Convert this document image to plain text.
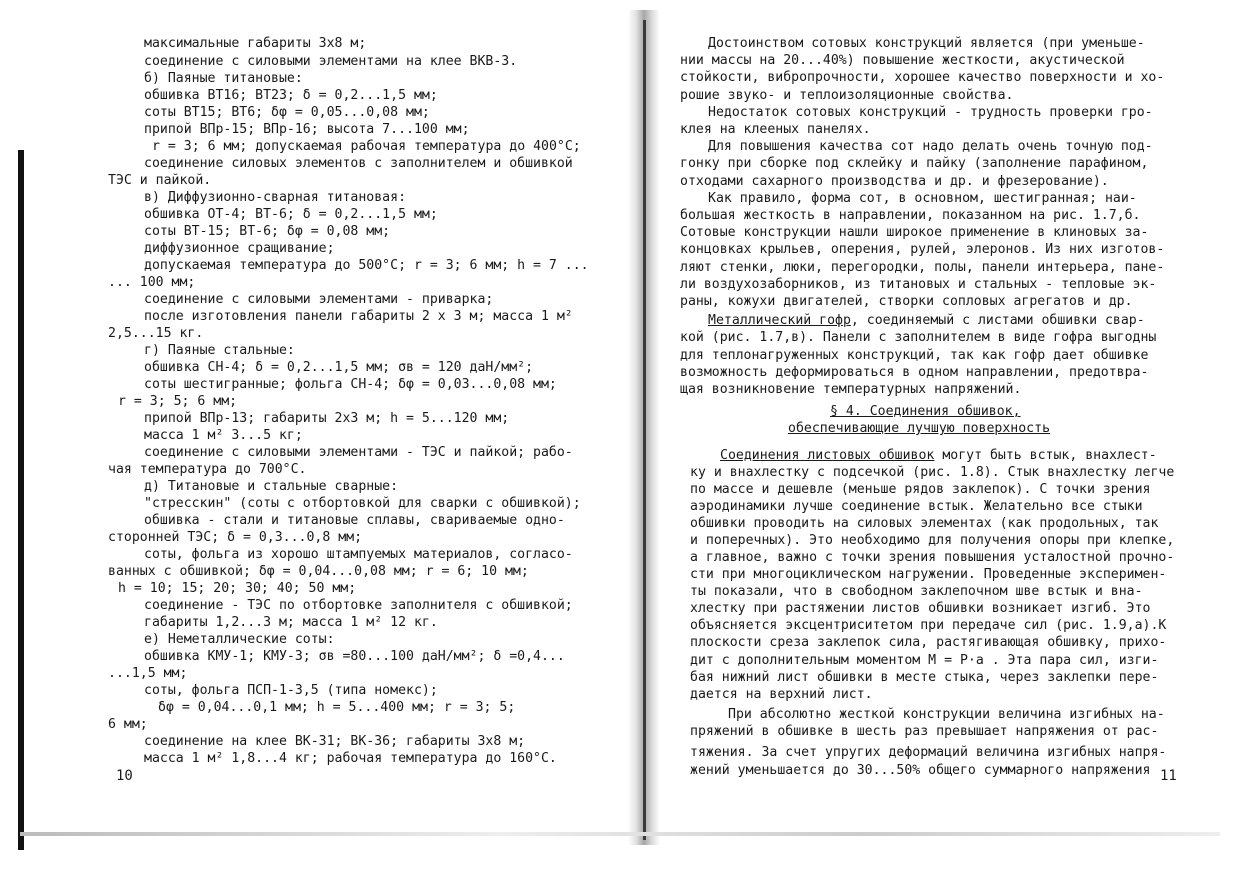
максимальные габариты 3х8 м;
соединение с силовыми элементами на клее ВКВ-3.
б) Паяные титановые:
обшивка ВТ16; ВТ23; δ = 0,2...1,5 мм;
соты ВТ15; ВТ6; δφ = 0,05...0,08 мм;
припой ВПр-15; ВПр-16; высота 7...100 мм;
r = 3; 6 мм; допускаемая рабочая температура до 400°С;
соединение силовых элементов с заполнителем и обшивкой
ТЭС и пайкой.
в) Диффузионно-сварная титановая:
обшивка ОТ-4; ВТ-6; δ = 0,2...1,5 мм;
соты ВТ-15; ВТ-6; δφ = 0,08 мм;
диффузионное сращивание;
допускаемая температура до 500°С; r = 3; 6 мм; h = 7 ...
... 100 мм;
соединение с силовыми элементами - приварка;
после изготовления панели габариты 2 х 3 м; масса 1 м²
2,5...15 кг.
г) Паяные стальные:
обшивка СН-4; δ = 0,2...1,5 мм; σв = 120 даН/мм²;
соты шестигранные; фольга СН-4; δφ = 0,03...0,08 мм;
r = 3; 5; 6 мм;
припой ВПр-13; габариты 2х3 м; h = 5...120 мм;
масса 1 м² 3...5 кг;
соединение с силовыми элементами - ТЭС и пайкой; рабо-
чая температура до 700°С.
д) Титановые и стальные сварные:
"стресскин" (соты с отбортовкой для сварки с обшивкой);
обшивка - стали и титановые сплавы, свариваемые одно-
сторонней ТЭС; δ = 0,3...0,8 мм;
соты, фольга из хорошо штампуемых материалов, согласо-
ванных с обшивкой; δφ = 0,04...0,08 мм; r = 6; 10 мм;
h = 10; 15; 20; 30; 40; 50 мм;
соединение - ТЭС по отбортовке заполнителя с обшивкой;
габариты 1,2...3 м; масса 1 м² 12 кг.
е) Неметаллические соты:
обшивка КМУ-1; КМУ-3; σв =80...100 даН/мм²; δ =0,4...
...1,5 мм;
соты, фольга ПСП-1-3,5 (типа номекс);
δφ = 0,04...0,1 мм; h = 5...400 мм; r = 3; 5;
6 мм;
соединение на клее ВК-31; ВК-36; габариты 3х8 м;
масса 1 м² 1,8...4 кг; рабочая температура до 160°С.
10
Достоинством сотовых конструкций является (при уменьше-
нии массы на 20...40%) повышение жесткости, акустической
стойкости, вибропрочности, хорошее качество поверхности и хо-
рошие звуко- и теплоизоляционные свойства.
Недостаток сотовых конструкций - трудность проверки гро-
клея на клееных панелях.
Для повышения качества сот надо делать очень точную под-
гонку при сборке под склейку и пайку (заполнение парафином,
отходами сахарного производства и др. и фрезерование).
Как правило, форма сот, в основном, шестигранная; наи-
большая жесткость в направлении, показанном на рис. 1.7,б.
Сотовые конструкции нашли широкое применение в клиновых за-
концовках крыльев, оперения, рулей, элеронов. Из них изготов-
ляют стенки, люки, перегородки, полы, панели интерьера, пане-
ли воздухозаборников, из титановых и стальных - тепловые эк-
раны, кожухи двигателей, створки сопловых агрегатов и др.
Металлический гофр, соединяемый с листами обшивки свар-
кой (рис. 1.7,в). Панели с заполнителем в виде гофра выгодны
для теплонагруженных конструкций, так как гофр дает обшивке
возможность деформироваться в одном направлении, предотвра-
щая возникновение температурных напряжений.
§ 4. Соединения обшивок,
обеспечивающие лучшую поверхность
Соединения листовых обшивок могут быть встык, внахлест-
ку и внахлестку с подсечкой (рис. 1.8). Стык внахлестку легче
по массе и дешевле (меньше рядов заклепок). С точки зрения
аэродинамики лучше соединение встык. Желательно все стыки
обшивки проводить на силовых элементах (как продольных, так
и поперечных). Это необходимо для получения опоры при клепке,
а главное, важно с точки зрения повышения усталостной прочно-
сти при многоциклическом нагружении. Проведенные эксперимен-
ты показали, что в свободном заклепочном шве встык и вна-
хлестку при растяжении листов обшивки возникает изгиб. Это
объясняется эксцентриситетом при передаче сил (рис. 1.9,а).К
плоскости среза заклепок сила, растягивающая обшивку, прихо-
дит с дополнительным моментом M = P·a . Эта пара сил, изги-
бая нижний лист обшивки в месте стыка, через заклепки пере-
дается на верхний лист.
При абсолютно жесткой конструкции величина изгибных на-
пряжений в обшивке в шесть раз превышает напряжения от рас-
тяжения. За счет упругих деформаций величина изгибных напря-
жений уменьшается до 30...50% общего суммарного напряжения 11
